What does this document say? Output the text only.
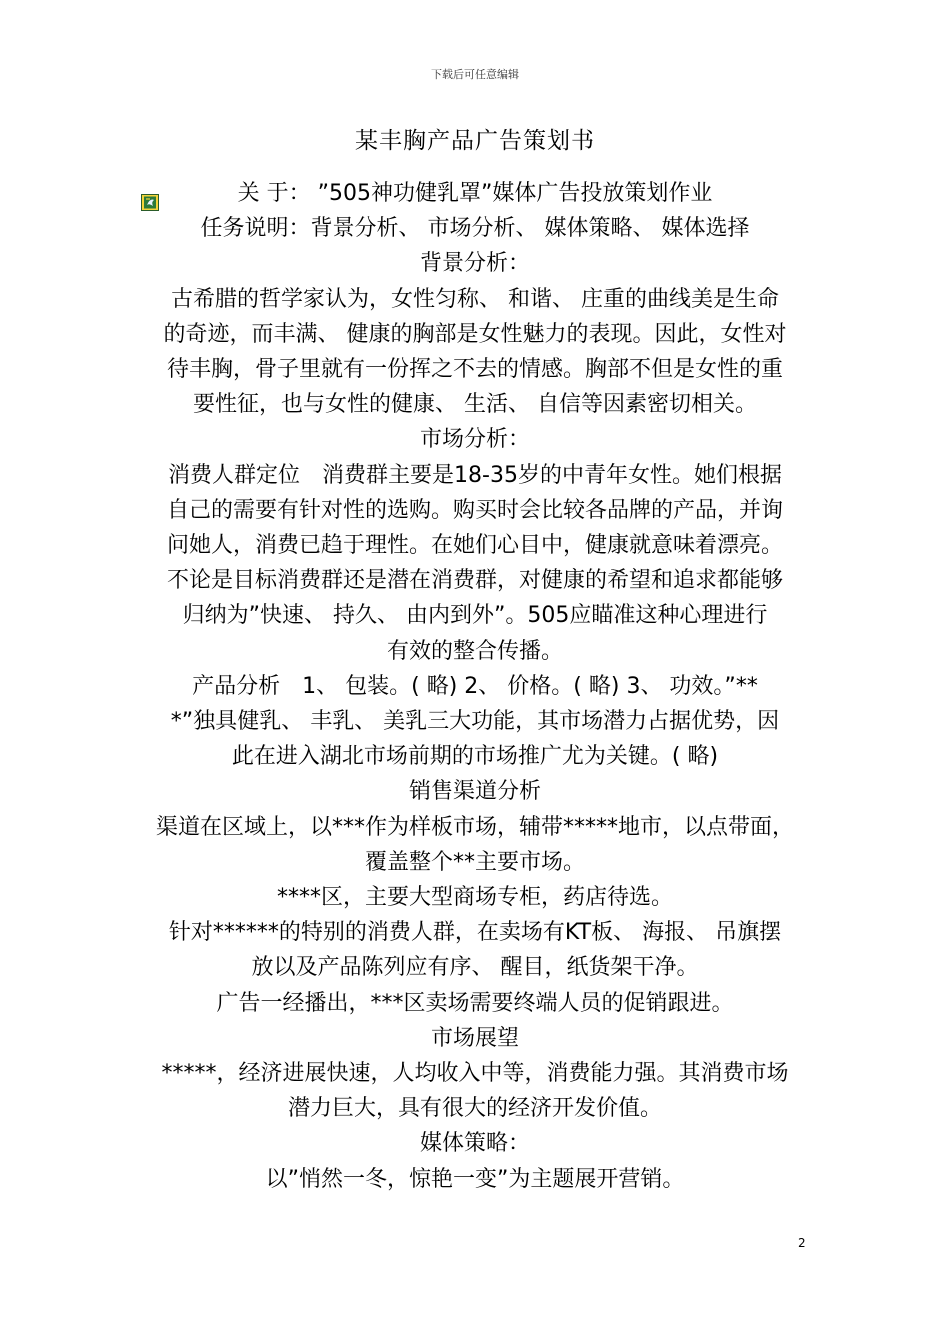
下载后可任意编辑
某丰胸产品广告策划书

关 于： ”505神功健乳罩”媒体广告投放策划作业

任务说明：背景分析、 市场分析、 媒体策略、 媒体选择

背景分析：

古希腊的哲学家认为，女性匀称、 和谐、 庄重的曲线美是生命

的奇迹，而丰满、 健康的胸部是女性魅力的表现。因此，女性对

待丰胸，骨子里就有一份挥之不去的情感。胸部不但是女性的重

要性征，也与女性的健康、 生活、 自信等因素密切相关。

市场分析：

消费人群定位　消费群主要是18-35岁的中青年女性。她们根据

自己的需要有针对性的选购。购买时会比较各品牌的产品，并询

问她人，消费已趋于理性。在她们心目中，健康就意味着漂亮。

不论是目标消费群还是潜在消费群，对健康的希望和追求都能够

归纳为”快速、 持久、 由内到外”。505应瞄准这种心理进行

有效的整合传播。

产品分析　1、 包装。( 略) 2、 价格。( 略) 3、 功效。”**

*”独具健乳、 丰乳、 美乳三大功能，其市场潜力占据优势，因

此在进入湖北市场前期的市场推广尤为关键。( 略)

销售渠道分析

渠道在区域上，以***作为样板市场，辅带*****地市，以点带面，

覆盖整个**主要市场。

****区，主要大型商场专柜，药店待选。

针对******的特别的消费人群，在卖场有KT板、 海报、 吊旗摆

放以及产品陈列应有序、 醒目，纸货架干净。

广告一经播出，***区卖场需要终端人员的促销跟进。

市场展望

*****，经济进展快速，人均收入中等，消费能力强。其消费市场

潜力巨大，具有很大的经济开发价值。

媒体策略：

以”悄然一冬，惊艳一变”为主题展开营销。

2
